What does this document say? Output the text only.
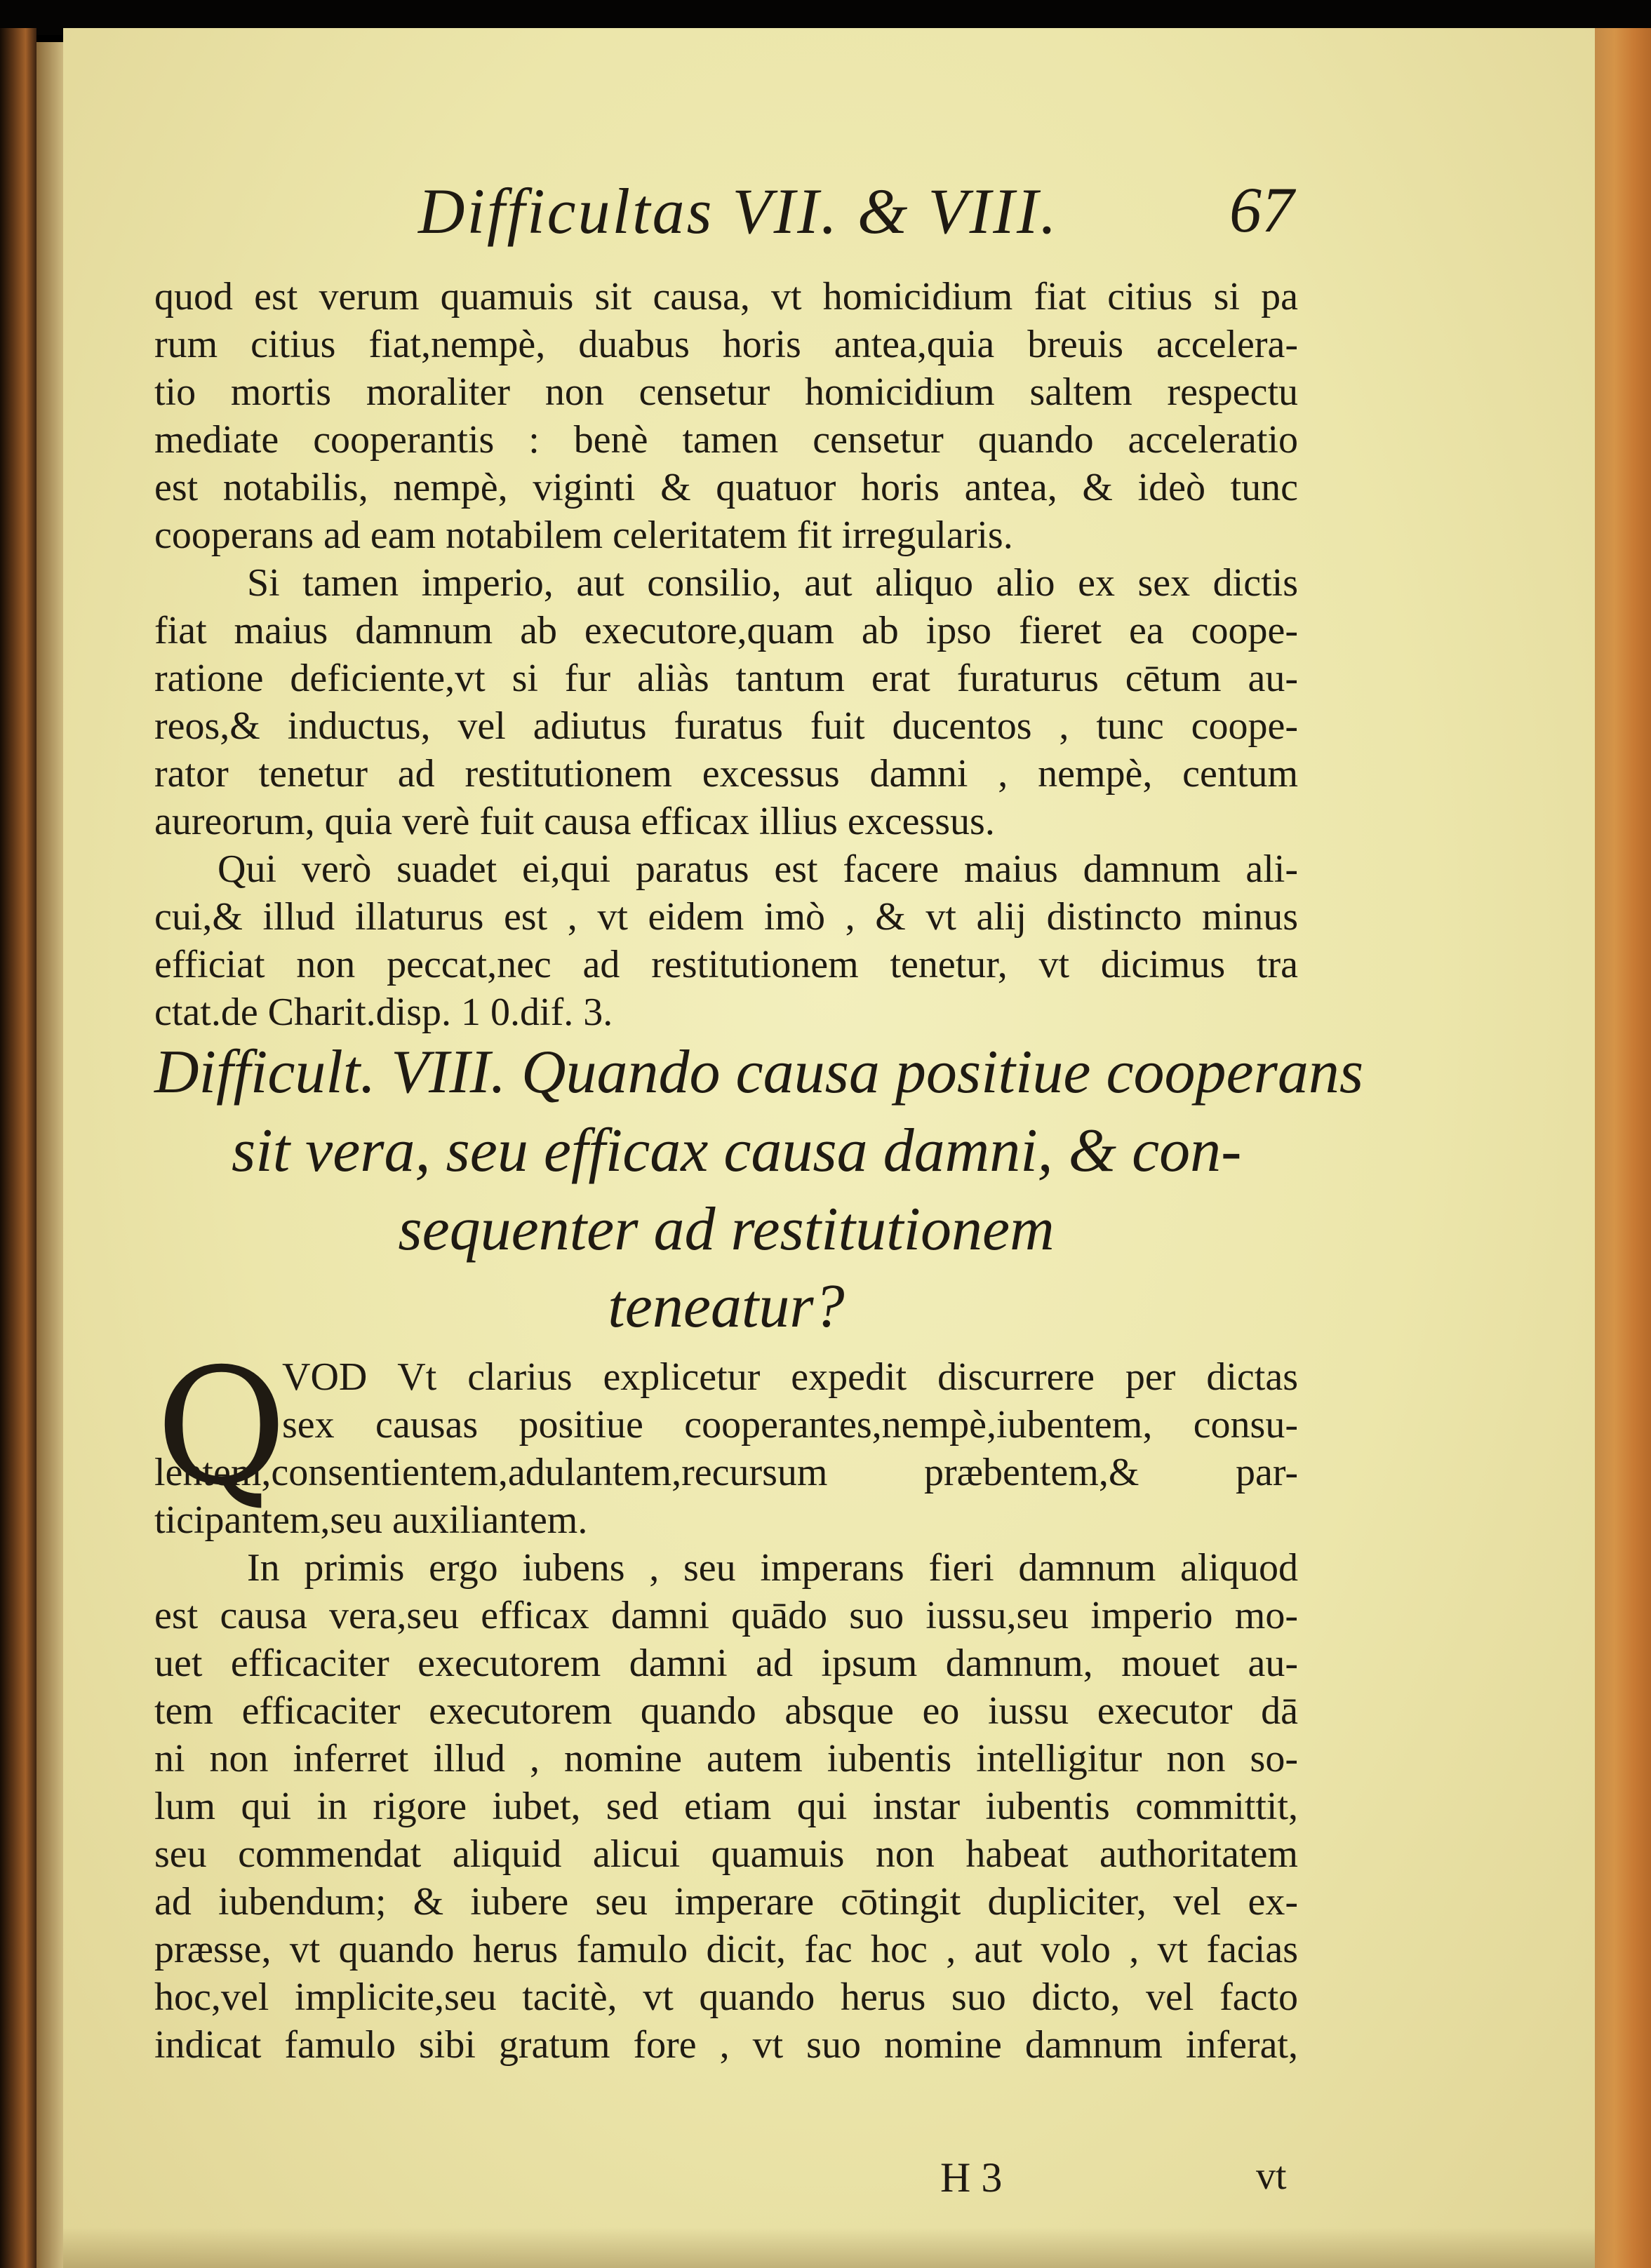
Difficultas VII. & VIII.	67
quod est verum quamuis sit causa, vt homicidium fiat citius si pa
rum citius fiat,nempè, duabus horis antea,quia breuis accelera-
tio mortis moraliter non censetur homicidium saltem respectu
mediate cooperantis : benè tamen censetur quando acceleratio
est notabilis, nempè, viginti & quatuor horis antea, & ideò tunc
cooperans ad eam notabilem celeritatem fit irregularis.
Si tamen imperio, aut consilio, aut aliquo alio ex sex dictis
fiat maius damnum ab executore,quam ab ipso fieret ea coope-
ratione deficiente,vt si fur aliàs tantum erat furaturus cētum au-
reos,& inductus, vel adiutus furatus fuit ducentos , tunc coope-
rator tenetur ad restitutionem excessus damni , nempè, centum
aureorum, quia verè fuit causa efficax illius excessus.
Qui verò suadet ei,qui paratus est facere maius damnum ali-
cui,& illud illaturus est , vt eidem imò , & vt alij distincto minus
efficiat non peccat,nec ad restitutionem tenetur, vt dicimus tra
ctat.de Charit.disp. 1 0.dif. 3.
Difficult. VIII. Quando causa positiue cooperans
sit vera, seu efficax causa damni, & con-
sequenter ad restitutionem
teneatur?
Q
VOD Vt clarius explicetur expedit discurrere per dictas
sex causas positiue cooperantes,nempè,iubentem, consu-
lentem,consentientem,adulantem,recursum præbentem,& par-
ticipantem,seu auxiliantem.
In primis ergo iubens , seu imperans fieri damnum aliquod
est causa vera,seu efficax damni quādo suo iussu,seu imperio mo-
uet efficaciter executorem damni ad ipsum damnum, mouet au-
tem efficaciter executorem quando absque eo iussu executor dā
ni non inferret illud , nomine autem iubentis intelligitur non so-
lum qui in rigore iubet, sed etiam qui instar iubentis committit,
seu commendat aliquid alicui quamuis non habeat authoritatem
ad iubendum; & iubere seu imperare cōtingit dupliciter, vel ex-
præsse, vt quando herus famulo dicit, fac hoc , aut volo , vt facias
hoc,vel implicite,seu tacitè, vt quando herus suo dicto, vel facto
indicat famulo sibi gratum fore , vt suo nomine damnum inferat,
H 3	vt
